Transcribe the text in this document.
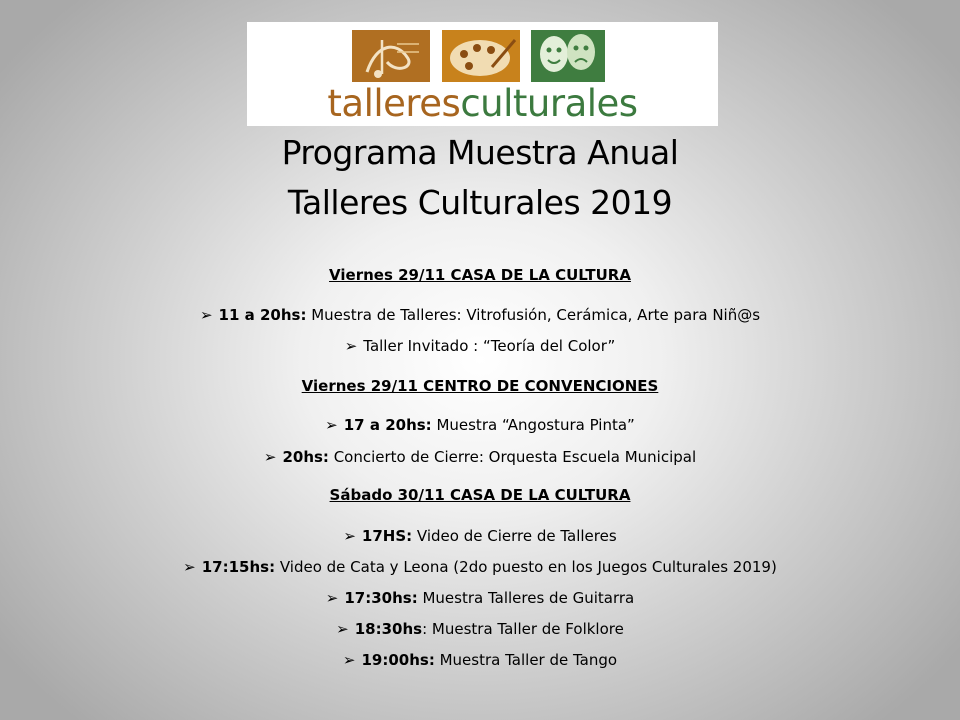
talleresculturales
Programa Muestra Anual
Talleres Culturales 2019

Viernes 29/11 CASA DE LA CULTURA

➢ 11 a 20hs: Muestra de Talleres: Vitrofusión, Cerámica, Arte para Niñ@s

➢ Taller Invitado : “Teoría del Color”

Viernes 29/11 CENTRO DE CONVENCIONES

➢ 17 a 20hs: Muestra “Angostura Pinta”

➢ 20hs: Concierto de Cierre: Orquesta Escuela Municipal

Sábado 30/11 CASA DE LA CULTURA

➢ 17HS: Video de Cierre de Talleres

➢ 17:15hs: Video de Cata y Leona (2do puesto en los Juegos Culturales 2019)

➢ 17:30hs: Muestra Talleres de Guitarra

➢ 18:30hs: Muestra Taller de Folklore

➢ 19:00hs: Muestra Taller de Tango
